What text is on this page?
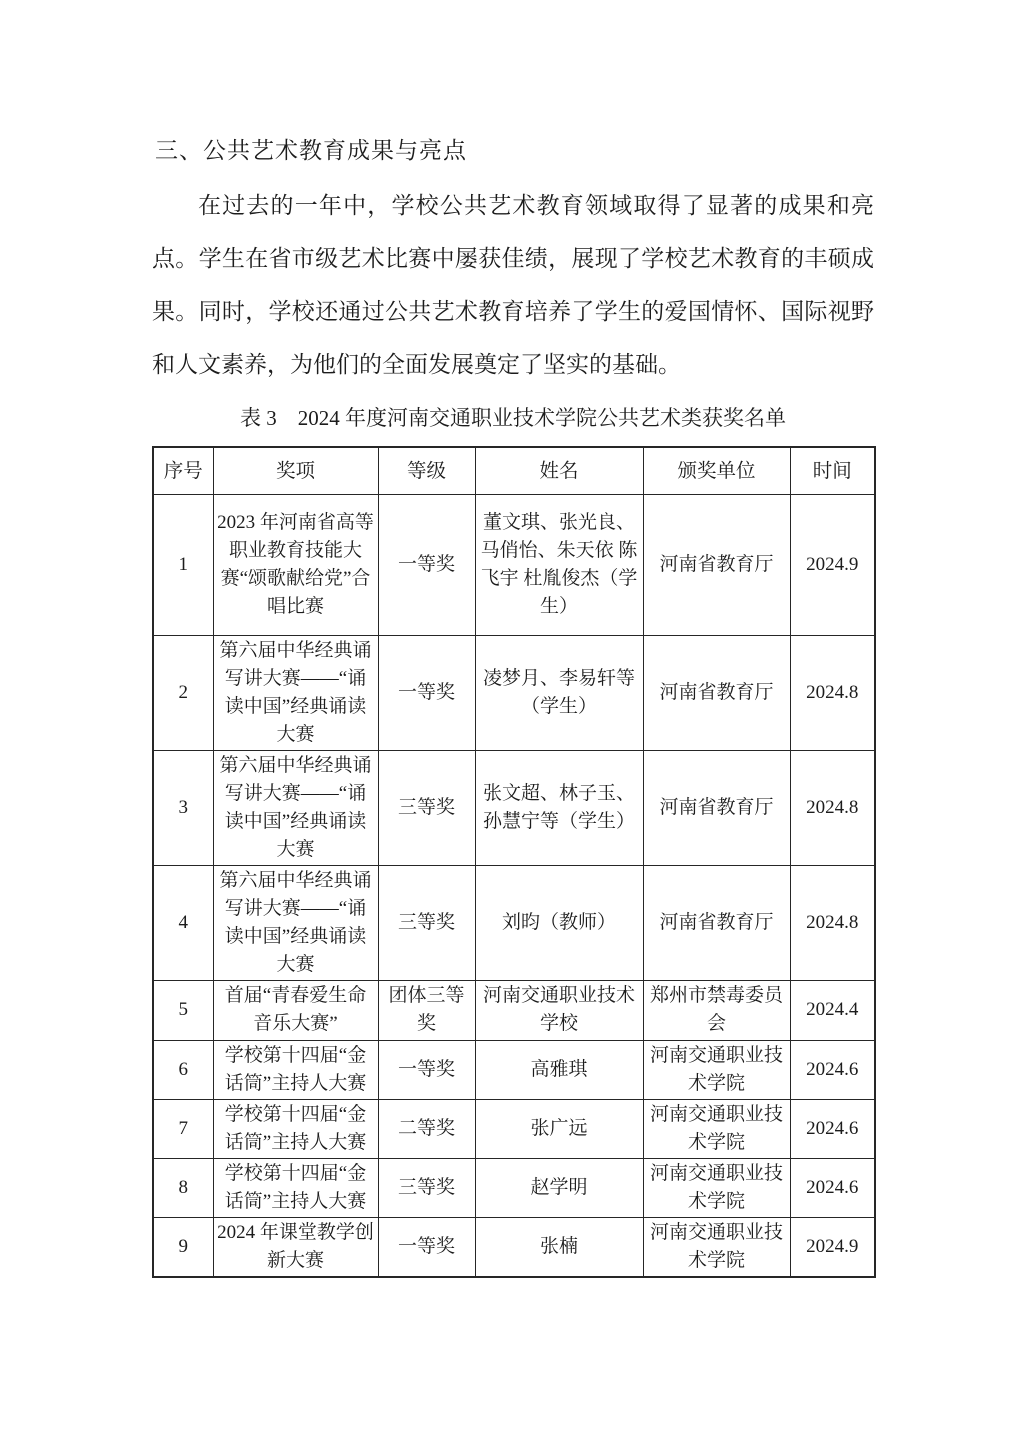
三、公共艺术教育成果与亮点

在过去的一年中，学校公共艺术教育领域取得了显著的成果和亮点。学生在省市级艺术比赛中屡获佳绩，展现了学校艺术教育的丰硕成果。同时，学校还通过公共艺术教育培养了学生的爱国情怀、国际视野和人文素养，为他们的全面发展奠定了坚实的基础。

表 3　2024 年度河南交通职业技术学院公共艺术类获奖名单
序号	奖项	等级	姓名	颁奖单位	时间
1	2023 年河南省高等职业教育技能大赛“颂歌献给党”合唱比赛	一等奖	董文琪、张光良、马俏怡、朱天依 陈飞宇 杜胤俊杰（学生）	河南省教育厅	2024.9
2	第六届中华经典诵写讲大赛——“诵读中国”经典诵读大赛	一等奖	凌梦月、李易轩等（学生）	河南省教育厅	2024.8
3	第六届中华经典诵写讲大赛——“诵读中国”经典诵读大赛	三等奖	张文超、林子玉、孙慧宁等（学生）	河南省教育厅	2024.8
4	第六届中华经典诵写讲大赛——“诵读中国”经典诵读大赛	三等奖	刘昀（教师）	河南省教育厅	2024.8
5	首届“青春爱生命音乐大赛”	团体三等奖	河南交通职业技术学校	郑州市禁毒委员会	2024.4
6	学校第十四届“金话筒”主持人大赛	一等奖	高雅琪	河南交通职业技术学院	2024.6
7	学校第十四届“金话筒”主持人大赛	二等奖	张广远	河南交通职业技术学院	2024.6
8	学校第十四届“金话筒”主持人大赛	三等奖	赵学明	河南交通职业技术学院	2024.6
9	2024 年课堂教学创新大赛	一等奖	张楠	河南交通职业技术学院	2024.9
